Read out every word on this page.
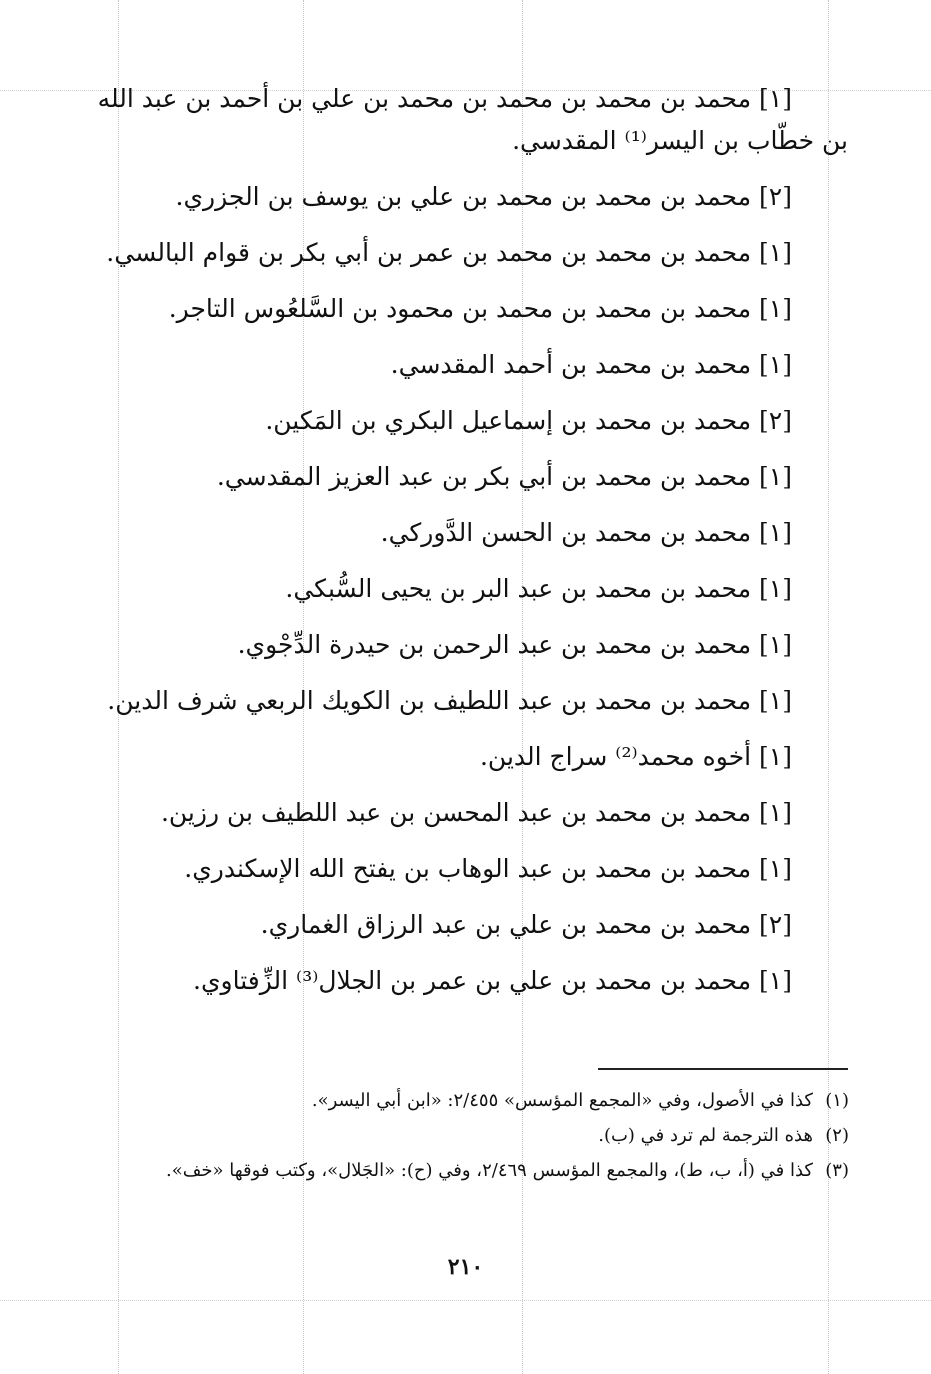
[١] محمد بن محمد بن محمد بن محمد بن علي بن أحمد بن عبد الله بن خطّاب بن اليسر⁽¹⁾ المقدسي.

[٢] محمد بن محمد بن محمد بن علي بن يوسف بن الجزري.

[١] محمد بن محمد بن محمد بن عمر بن أبي بكر بن قوام البالسي.

[١] محمد بن محمد بن محمد بن محمود بن السَّلعُوس التاجر.

[١] محمد بن محمد بن أحمد المقدسي.

[٢] محمد بن محمد بن إسماعيل البكري بن المَكين.

[١] محمد بن محمد بن أبي بكر بن عبد العزيز المقدسي.

[١] محمد بن محمد بن الحسن الدَّوركي.

[١] محمد بن محمد بن عبد البر بن يحيى السُّبكي.

[١] محمد بن محمد بن عبد الرحمن بن حيدرة الدِّجْوي.

[١] محمد بن محمد بن عبد اللطيف بن الكويك الربعي شرف الدين.

[١] أخوه محمد⁽²⁾ سراج الدين.

[١] محمد بن محمد بن عبد المحسن بن عبد اللطيف بن رزين.

[١] محمد بن محمد بن عبد الوهاب بن يفتح الله الإسكندري.

[٢] محمد بن محمد بن علي بن عبد الرزاق الغماري.

[١] محمد بن محمد بن علي بن عمر بن الجلال⁽³⁾ الزِّفتاوي.

(١)
كذا في الأصول، وفي «المجمع المؤسس» ٢/٤٥٥: «ابن أبي اليسر».

(٢)
هذه الترجمة لم ترد في (ب).

(٣)
كذا في (أ، ب، ط)، والمجمع المؤسس ٢/٤٦٩، وفي (ح): «الجَلال»، وكتب فوقها «خف».

٢١٠
